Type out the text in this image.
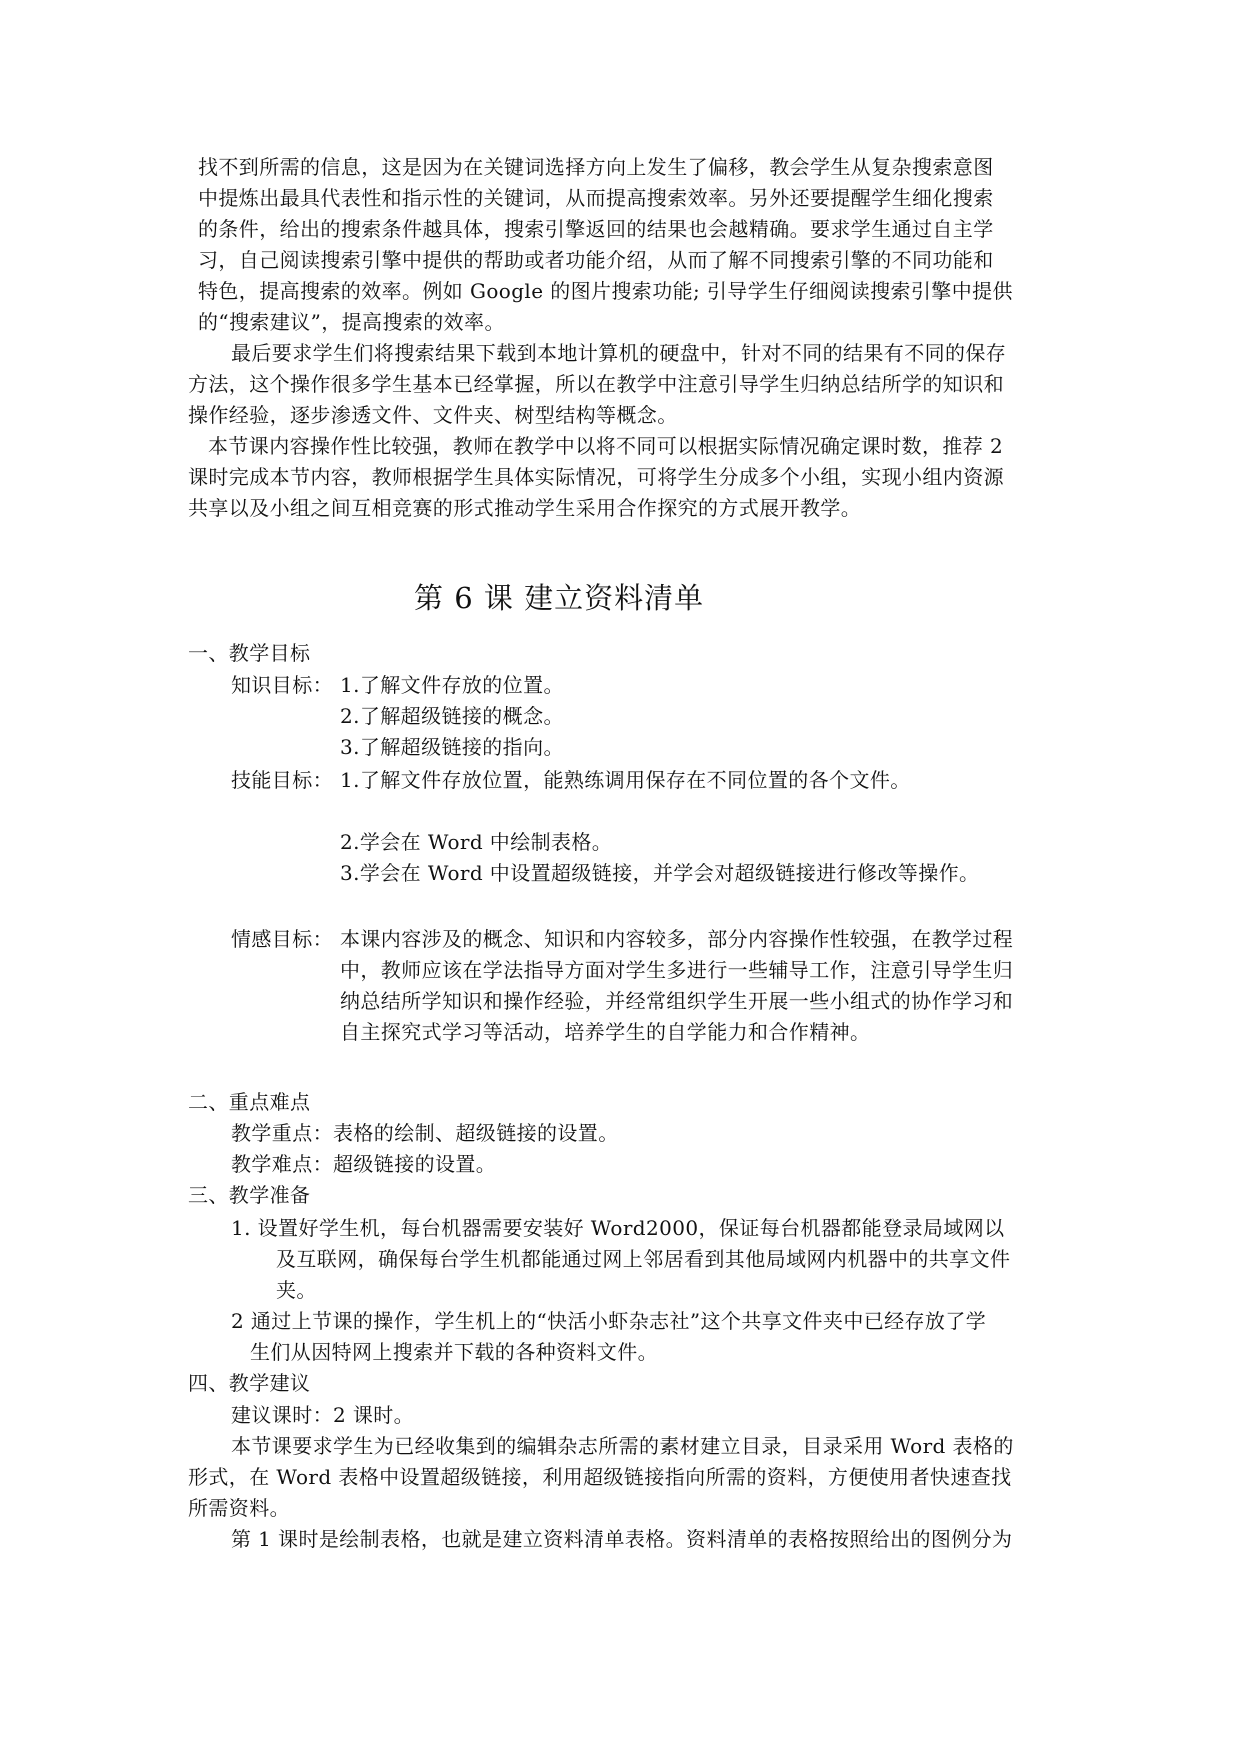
找不到所需的信息，这是因为在关键词选择方向上发生了偏移，教会学生从复杂搜索意图
中提炼出最具代表性和指示性的关键词，从而提高搜索效率。另外还要提醒学生细化搜索
的条件，给出的搜索条件越具体，搜索引擎返回的结果也会越精确。要求学生通过自主学
习，自己阅读搜索引擎中提供的帮助或者功能介绍，从而了解不同搜索引擎的不同功能和
特色，提高搜索的效率。例如 Google 的图片搜索功能; 引导学生仔细阅读搜索引擎中提供
的“搜索建议”，提高搜索的效率。
最后要求学生们将搜索结果下载到本地计算机的硬盘中，针对不同的结果有不同的保存
方法，这个操作很多学生基本已经掌握，所以在教学中注意引导学生归纳总结所学的知识和
操作经验，逐步渗透文件、文件夹、树型结构等概念。
本节课内容操作性比较强，教师在教学中以将不同可以根据实际情况确定课时数，推荐 2
课时完成本节内容，教师根据学生具体实际情况，可将学生分成多个小组，实现小组内资源
共享以及小组之间互相竞赛的形式推动学生采用合作探究的方式展开教学。
第 6 课 建立资料清单
一、教学目标
知识目标： 1.了解文件存放的位置。
2.了解超级链接的概念。
3.了解超级链接的指向。
技能目标： 1.了解文件存放位置，能熟练调用保存在不同位置的各个文件。
2.学会在 Word 中绘制表格。
3.学会在 Word 中设置超级链接，并学会对超级链接进行修改等操作。
情感目标： 本课内容涉及的概念、知识和内容较多，部分内容操作性较强，在教学过程
中，教师应该在学法指导方面对学生多进行一些辅导工作，注意引导学生归
纳总结所学知识和操作经验，并经常组织学生开展一些小组式的协作学习和
自主探究式学习等活动，培养学生的自学能力和合作精神。
二、重点难点
教学重点：表格的绘制、超级链接的设置。
教学难点：超级链接的设置。
三、教学准备
1. 设置好学生机，每台机器需要安装好 Word2000，保证每台机器都能登录局域网以
及互联网，确保每台学生机都能通过网上邻居看到其他局域网内机器中的共享文件
夹。
2 通过上节课的操作，学生机上的“快活小虾杂志社”这个共享文件夹中已经存放了学
生们从因特网上搜索并下载的各种资料文件。
四、教学建议
建议课时：2 课时。
本节课要求学生为已经收集到的编辑杂志所需的素材建立目录，目录采用 Word 表格的
形式，在 Word 表格中设置超级链接，利用超级链接指向所需的资料，方便使用者快速查找
所需资料。
第 1 课时是绘制表格，也就是建立资料清单表格。资料清单的表格按照给出的图例分为
